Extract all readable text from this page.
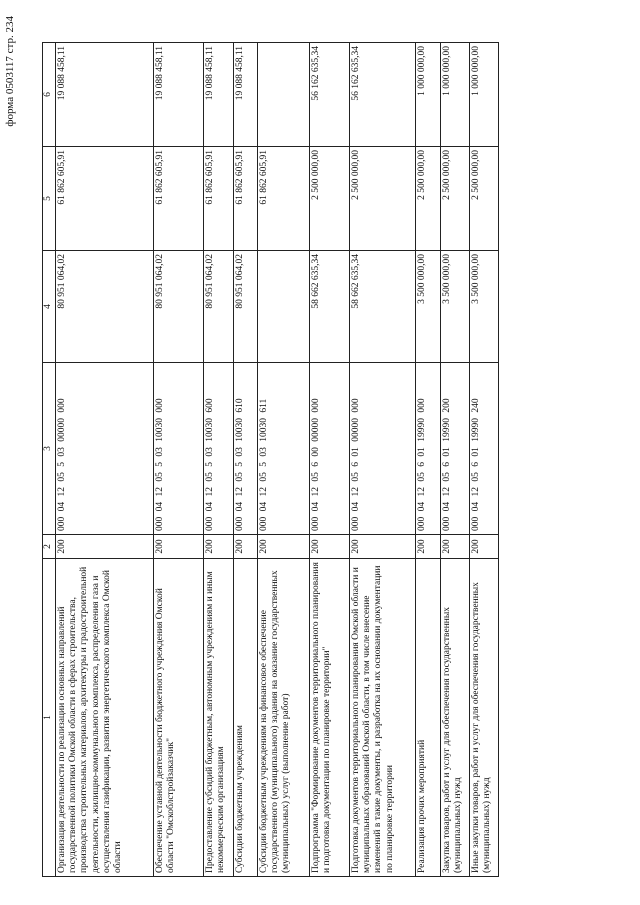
форма 0503117 стр. 234
1	2	3	4	5	6
Организация деятельности по реализации основных направлений государственной политики Омской области в сферах строительства, производства строительных материалов, архитектуры и градостроительной деятельности, жилищно-коммунального комплекса, распределения газа и осуществления газификации, развития энергетического комплекса Омской области	200	000 04 12 05 5 03 00000 000	80 951 064,02	61 862 605,91	19 088 458,11
Обеспечение уставной деятельности бюджетного учреждения Омской области "Омскоблстройзаказчик"	200	000 04 12 05 5 03 10030 000	80 951 064,02	61 862 605,91	19 088 458,11
Предоставление субсидий бюджетным, автономным учреждениям и иным некоммерческим организациям	200	000 04 12 05 5 03 10030 600	80 951 064,02	61 862 605,91	19 088 458,11
Субсидии бюджетным учреждениям	200	000 04 12 05 5 03 10030 610	80 951 064,02	61 862 605,91	19 088 458,11
Субсидии бюджетным учреждениям на финансовое обеспечение государственного (муниципального) задания на оказание государственных (муниципальных) услуг (выполнение работ)	200	000 04 12 05 5 03 10030 611		61 862 605,91	
Подпрограмма "Формирование документов территориального планирования и подготовка документации по планировке территории"	200	000 04 12 05 6 00 00000 000	58 662 635,34	2 500 000,00	56 162 635,34
Подготовка документов территориального планирования Омской области и муниципальных образований Омской области, в том числе внесение изменений в такие документы, и разработка на их основании документации по планировке территории	200	000 04 12 05 6 01 00000 000	58 662 635,34	2 500 000,00	56 162 635,34
Реализация прочих мероприятий	200	000 04 12 05 6 01 19990 000	3 500 000,00	2 500 000,00	1 000 000,00
Закупка товаров, работ и услуг для обеспечения государственных (муниципальных) нужд	200	000 04 12 05 6 01 19990 200	3 500 000,00	2 500 000,00	1 000 000,00
Иные закупки товаров, работ и услуг для обеспечения государственных (муниципальных) нужд	200	000 04 12 05 6 01 19990 240	3 500 000,00	2 500 000,00	1 000 000,00
